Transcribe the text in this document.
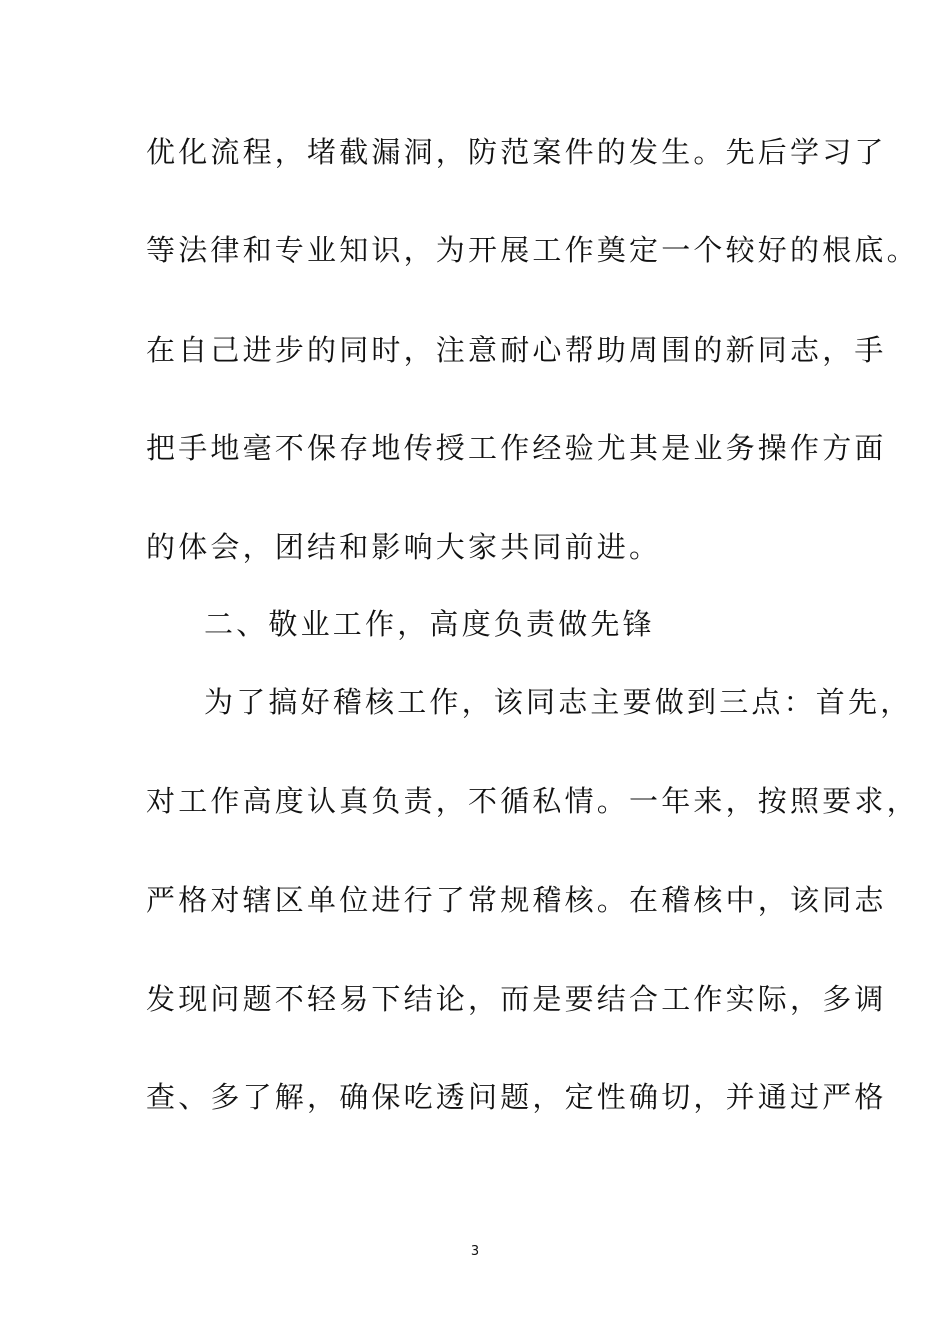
优化流程，堵截漏洞，防范案件的发生。先后学习了
等法律和专业知识，为开展工作奠定一个较好的根底。
在自己进步的同时，注意耐心帮助周围的新同志，手
把手地毫不保存地传授工作经验尤其是业务操作方面
的体会，团结和影响大家共同前进。
二、敬业工作，高度负责做先锋
为了搞好稽核工作，该同志主要做到三点：首先，
对工作高度认真负责，不循私情。一年来，按照要求，
严格对辖区单位进行了常规稽核。在稽核中，该同志
发现问题不轻易下结论，而是要结合工作实际，多调
查、多了解，确保吃透问题，定性确切，并通过严格
3
